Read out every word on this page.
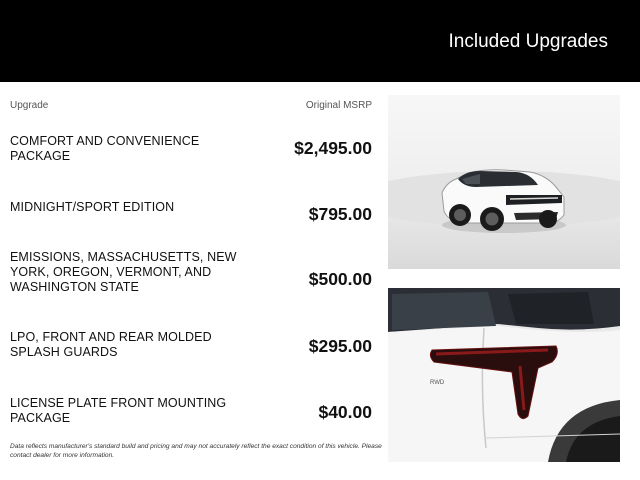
Included Upgrades
Upgrade	Original MSRP
COMFORT AND CONVENIENCE PACKAGE	$2,495.00
MIDNIGHT/SPORT EDITION	$795.00
EMISSIONS, MASSACHUSETTS, NEW YORK, OREGON, VERMONT, AND WASHINGTON STATE	$500.00
LPO, FRONT AND REAR MOLDED SPLASH GUARDS	$295.00
LICENSE PLATE FRONT MOUNTING PACKAGE	$40.00
Data reflects manufacturer's standard build and pricing and may not accurately reflect the exact condition of this vehicle. Please contact dealer for more information.
RWD
